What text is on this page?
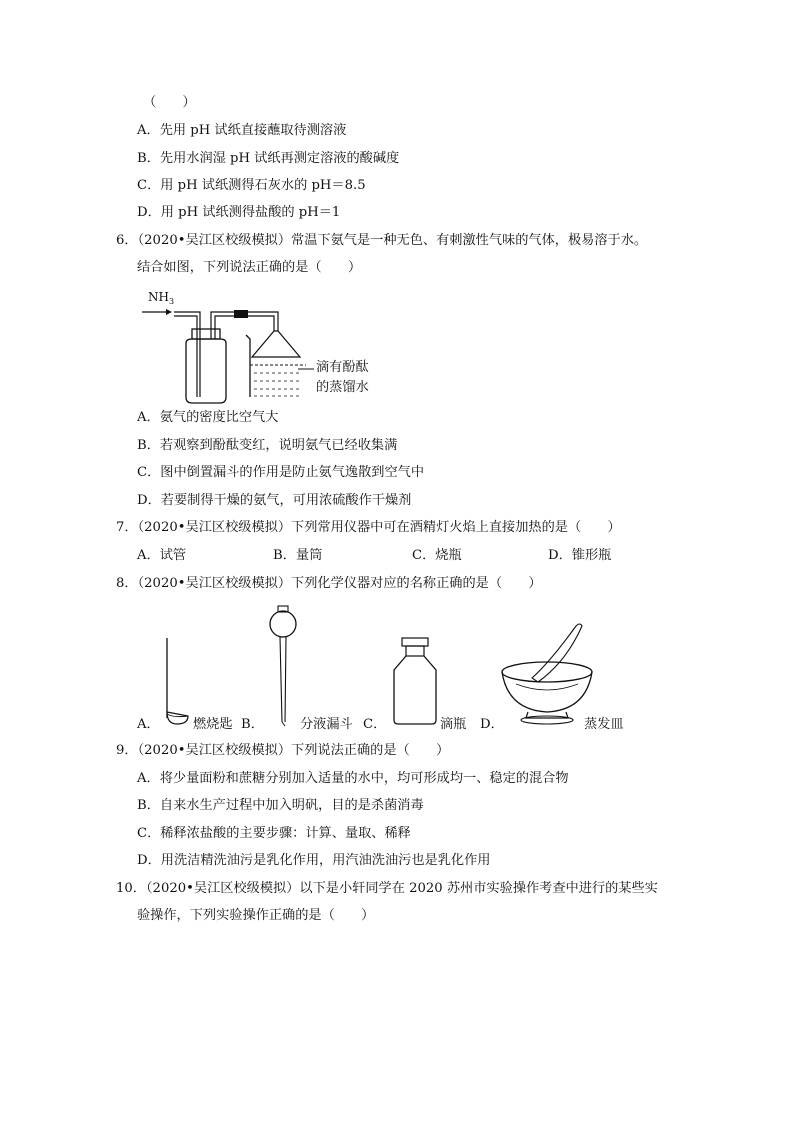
（　　）
A．先用 pH 试纸直接蘸取待测溶液
B．先用水润湿 pH 试纸再测定溶液的酸碱度
C．用 pH 试纸测得石灰水的 pH＝8.5
D．用 pH 试纸测得盐酸的 pH＝1
6．（2020•吴江区校级模拟）常温下氨气是一种无色、有刺激性气味的气体，极易溶于水。
结合如图，下列说法正确的是（　　）
$NH_3$
滴有酚酞
的蒸馏水
A．氨气的密度比空气大
B．若观察到酚酞变红，说明氨气已经收集满
C．图中倒置漏斗的作用是防止氨气逸散到空气中
D．若要制得干燥的氨气，可用浓硫酸作干燥剂
7．（2020•吴江区校级模拟）下列常用仪器中可在酒精灯火焰上直接加热的是（　　）
A．试管	B．量筒	C．烧瓶	D．锥形瓶
8．（2020•吴江区校级模拟）下列化学仪器对应的名称正确的是（　　）
A．	燃烧匙 B．	分液漏斗 C．	滴瓶 D．	蒸发皿
9．（2020•吴江区校级模拟）下列说法正确的是（　　）
A．将少量面粉和蔗糖分别加入适量的水中，均可形成均一、稳定的混合物
B．自来水生产过程中加入明矾，目的是杀菌消毒
C．稀释浓盐酸的主要步骤：计算、量取、稀释
D．用洗洁精洗油污是乳化作用，用汽油洗油污也是乳化作用
10．（2020•吴江区校级模拟）以下是小轩同学在 2020 苏州市实验操作考查中进行的某些实
验操作，下列实验操作正确的是（　　）
